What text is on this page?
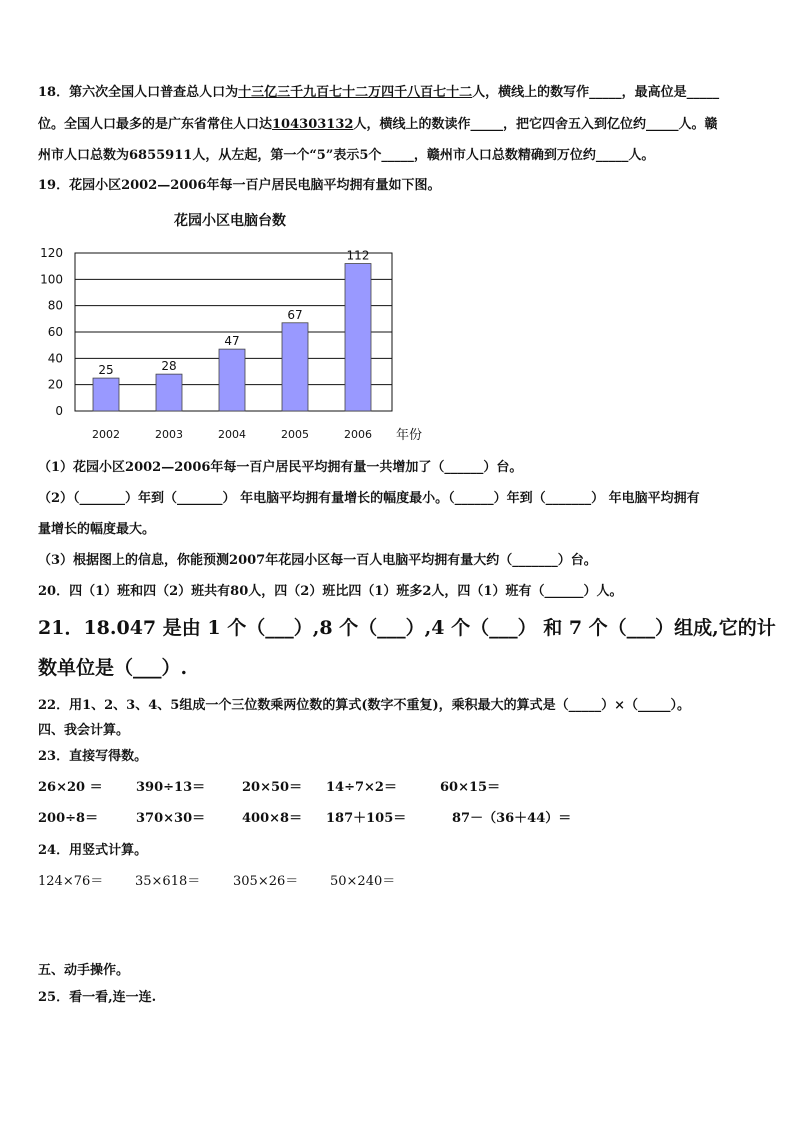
18．第六次全国人口普查总人口为十三亿三千九百七十二万四千八百七十二人，横线上的数写作_____，最高位是_____
位。全国人口最多的是广东省常住人口达104303132人，横线上的数读作_____，把它四舍五入到亿位约_____人。赣
州市人口总数为6855911人，从左起，第一个“5”表示5个_____，赣州市人口总数精确到万位约_____人。
19．花园小区2002—2006年每一百户居民电脑平均拥有量如下图。
花园小区电脑台数
0
20
40
60
80
100
120
25
2002
28
2003
47
2004
67
2005
112
2006 年份
（1）花园小区2002—2006年每一百户居民平均拥有量一共增加了（______）台。
（2）（_______）年到（_______） 年电脑平均拥有量增长的幅度最小。（______）年到（_______） 年电脑平均拥有
量增长的幅度最大。
（3）根据图上的信息，你能预测2007年花园小区每一百人电脑平均拥有量大约（_______）台。
20．四（1）班和四（2）班共有80人，四（2）班比四（1）班多2人，四（1）班有（______）人。
21．18.047 是由 1 个（___）,8 个（___）,4 个（___） 和 7 个（___）组成,它的计
数单位是（___）.
22．用1、2、3、4、5组成一个三位数乘两位数的算式(数字不重复)，乘积最大的算式是（_____）×（_____）。
四、我会计算。
23．直接写得数。
26×20 ＝	390÷13＝	20×50＝ 14÷7×2＝	60×15＝
200÷8＝	370×30＝	400×8＝ 187＋105＝	87－（36＋44）＝
24．用竖式计算。
124×76＝ 35×618＝	305×26＝ 50×240＝
五、动手操作。
25．看一看,连一连.
